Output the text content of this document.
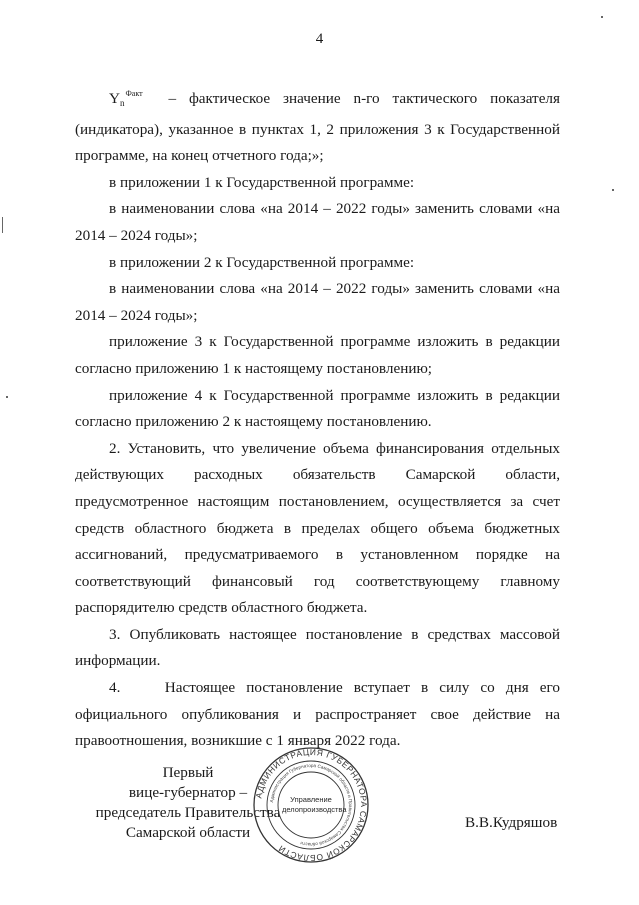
4

$Y_n^{Факт}$ – фактическое значение n-го тактического показателя (индикатора), указанное в пунктах 1, 2 приложения 3 к Государственной программе, на конец отчетного года;»;

в приложении 1 к Государственной программе:

в наименовании слова «на 2014 – 2022 годы» заменить словами «на 2014 – 2024 годы»;

в приложении 2 к Государственной программе:

в наименовании слова «на 2014 – 2022 годы» заменить словами «на 2014 – 2024 годы»;

приложение 3 к Государственной программе изложить в редакции согласно приложению 1 к настоящему постановлению;

приложение 4 к Государственной программе изложить в редакции согласно приложению 2 к настоящему постановлению.

2. Установить, что увеличение объема финансирования отдельных действующих расходных обязательств Самарской области, предусмотренное настоящим постановлением, осуществляется за счет средств областного бюджета в пределах общего объема бюджетных ассигнований, предусматриваемого в установленном порядке на соответствующий финансовый год соответствующему главному распорядителю средств областного бюджета.

3. Опубликовать настоящее постановление в средствах массовой информации.

4.    Настоящее постановление вступает в силу со дня его официального опубликования и распространяет свое действие на правоотношения, возникшие с 1 января 2022 года.

Первый
вице-губернатор –
председатель Правительства
Самарской области
АДМИНИСТРАЦИЯ ГУБЕРНАТОРА САМАРСКОЙ ОБЛАСТИ
Администрация Губернатора Самарской области и Правительства Самарской области
Управление
делопроизводства
В.В.Кудряшов
